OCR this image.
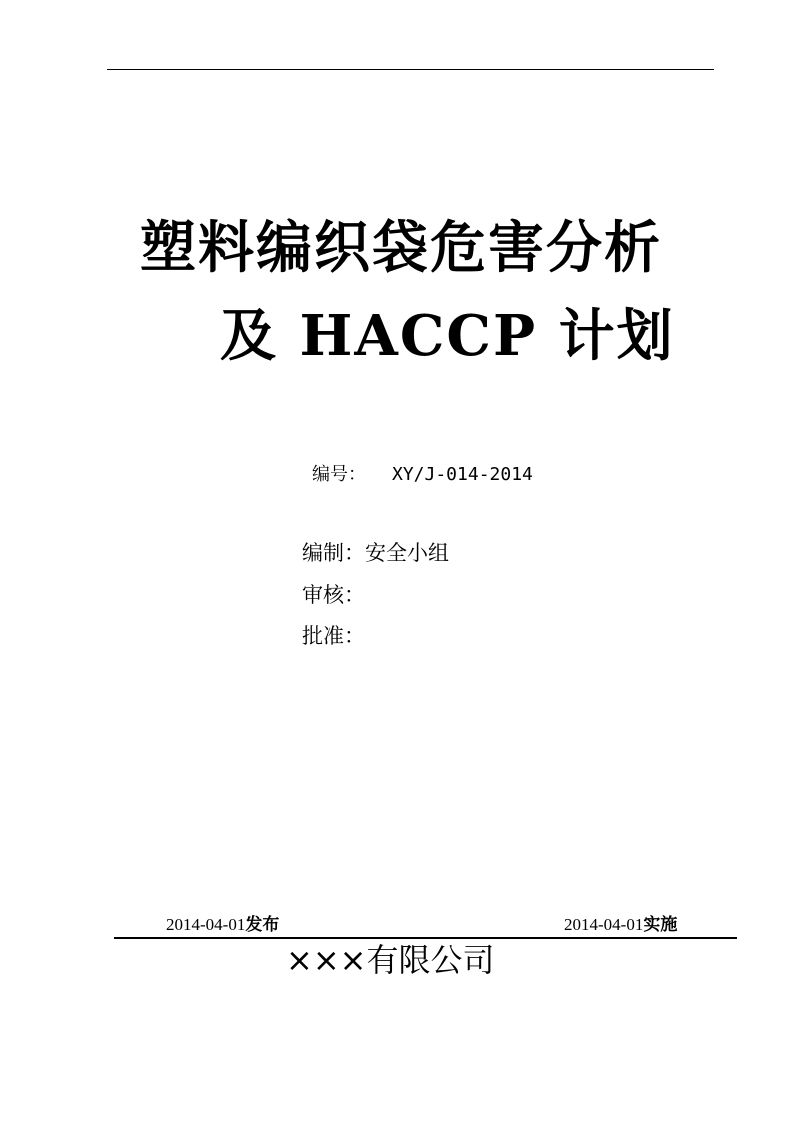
塑料编织袋危害分析
及 HACCP 计划
编号： XY/J-014-2014
编制：安全小组
审核：
批准：
2014-04-01发布	2014-04-01实施
×××有限公司
